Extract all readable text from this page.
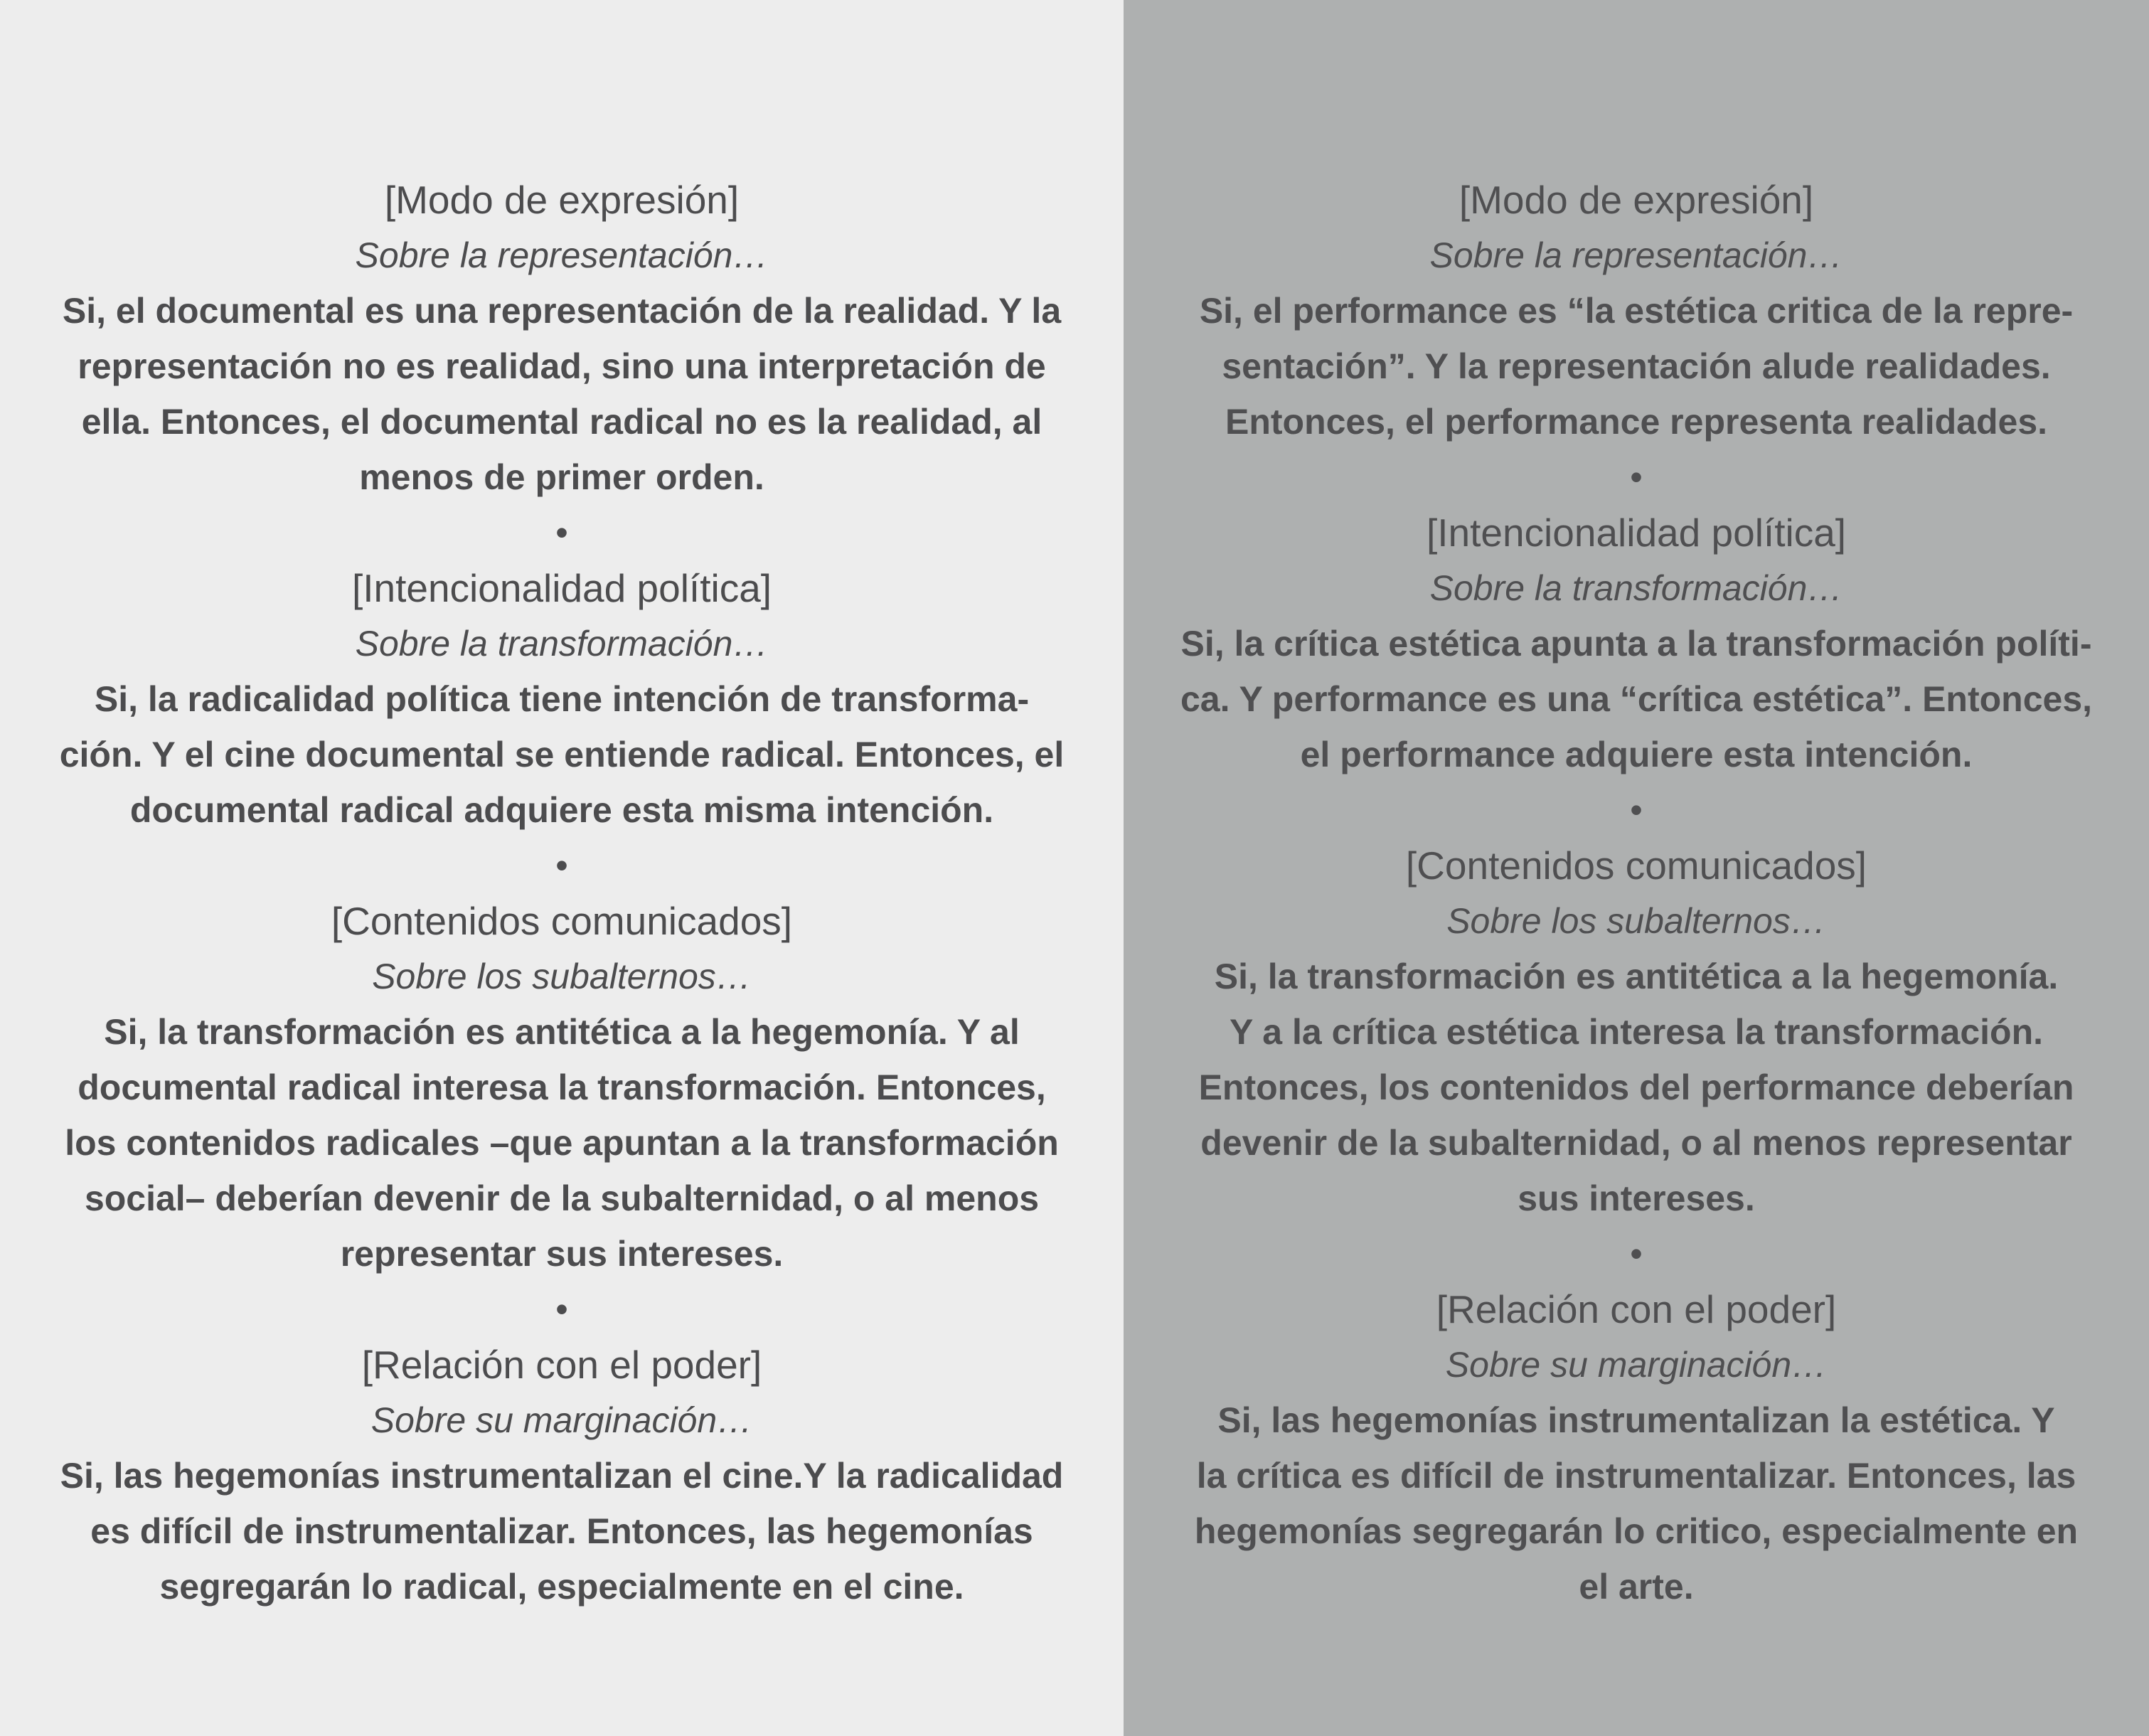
[Modo de expresión]

Sobre la representación…

Si, el documental es una representación de la realidad. Y la

representación no es realidad, sino una interpretación de

ella. Entonces, el documental radical no es la realidad, al

menos de primer orden.

•

[Intencionalidad política]

Sobre la transformación…

Si, la radicalidad política tiene intención de transforma-

ción. Y el cine documental se entiende radical. Entonces, el

documental radical adquiere esta misma intención.

•

[Contenidos comunicados]

Sobre los subalternos…

Si, la transformación es antitética a la hegemonía. Y al

documental radical interesa la transformación. Entonces,

los contenidos radicales –que apuntan a la transformación

social– deberían devenir de la subalternidad, o al menos

representar sus intereses.

•

[Relación con el poder]

Sobre su marginación…

Si, las hegemonías instrumentalizan el cine.Y la radicalidad

es difícil de instrumentalizar. Entonces, las hegemonías

segregarán lo radical, especialmente en el cine.

[Modo de expresión]

Sobre la representación…

Si, el performance es “la estética critica de la repre-

sentación”. Y la representación alude realidades.

Entonces, el performance representa realidades.

•

[Intencionalidad política]

Sobre la transformación…

Si, la crítica estética apunta a la transformación políti-

ca. Y performance es una “crítica estética”. Entonces,

el performance adquiere esta intención.

•

[Contenidos comunicados]

Sobre los subalternos…

Si, la transformación es antitética a la hegemonía.

Y a la crítica estética interesa la transformación.

Entonces, los contenidos del performance deberían

devenir de la subalternidad, o al menos representar

sus intereses.

•

[Relación con el poder]

Sobre su marginación…

Si, las hegemonías instrumentalizan la estética. Y

la crítica es difícil de instrumentalizar. Entonces, las

hegemonías segregarán lo critico, especialmente en

el arte.
